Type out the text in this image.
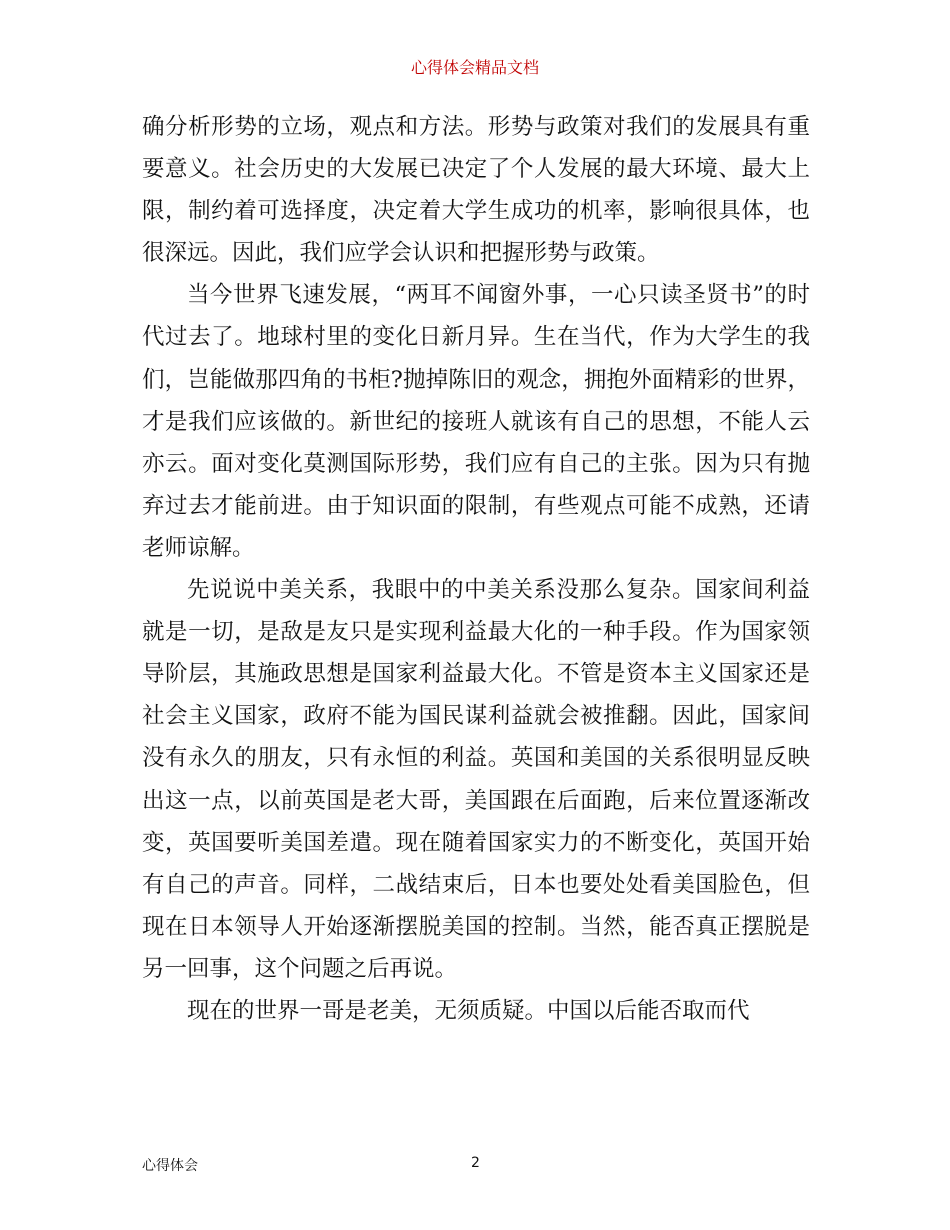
心得体会精品文档

确分析形势的立场，观点和方法。形势与政策对我们的发展具有重要意义。社会历史的大发展已决定了个人发展的最大环境、最大上限，制约着可选择度，决定着大学生成功的机率，影响很具体，也很深远。因此，我们应学会认识和把握形势与政策。

当今世界飞速发展，“两耳不闻窗外事，一心只读圣贤书”的时代过去了。地球村里的变化日新月异。生在当代，作为大学生的我们，岂能做那四角的书柜?抛掉陈旧的观念，拥抱外面精彩的世界，才是我们应该做的。新世纪的接班人就该有自己的思想，不能人云亦云。面对变化莫测国际形势，我们应有自己的主张。因为只有抛弃过去才能前进。由于知识面的限制，有些观点可能不成熟，还请老师谅解。

先说说中美关系，我眼中的中美关系没那么复杂。国家间利益就是一切，是敌是友只是实现利益最大化的一种手段。作为国家领导阶层，其施政思想是国家利益最大化。不管是资本主义国家还是社会主义国家，政府不能为国民谋利益就会被推翻。因此，国家间没有永久的朋友，只有永恒的利益。英国和美国的关系很明显反映出这一点，以前英国是老大哥，美国跟在后面跑，后来位置逐渐改变，英国要听美国差遣。现在随着国家实力的不断变化，英国开始有自己的声音。同样，二战结束后，日本也要处处看美国脸色，但现在日本领导人开始逐渐摆脱美国的控制。当然，能否真正摆脱是另一回事，这个问题之后再说。

现在的世界一哥是老美，无须质疑。中国以后能否取而代

心得体会	2
